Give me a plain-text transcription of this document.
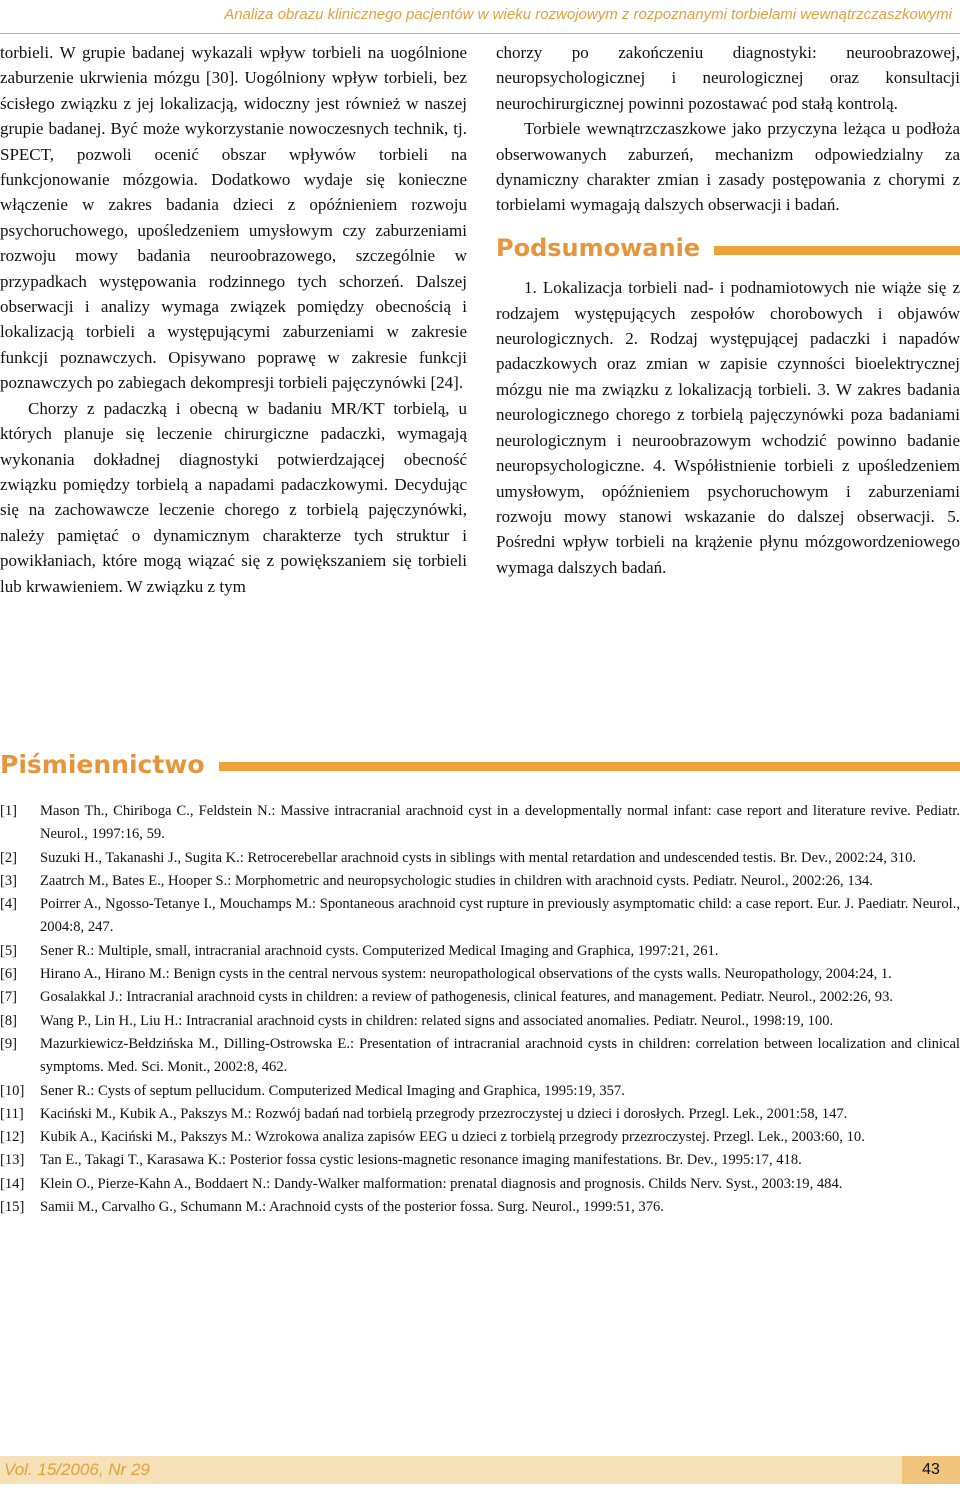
Analiza obrazu klinicznego pacjentów w wieku rozwojowym z rozpoznanymi torbielami wewnątrzczaszkowymi

torbieli. W grupie badanej wykazali wpływ torbieli na uogólnione zaburzenie ukrwienia mózgu [30]. Uogólniony wpływ torbieli, bez ścisłego związku z jej lokalizacją, widoczny jest również w naszej grupie badanej. Być może wykorzystanie nowoczesnych technik, tj. SPECT, pozwoli ocenić obszar wpływów torbieli na funkcjonowanie mózgowia. Dodatkowo wydaje się konieczne włączenie w zakres badania dzieci z opóźnieniem rozwoju psychoruchowego, upośledzeniem umysłowym czy zaburzeniami rozwoju mowy badania neuroobrazowego, szczególnie w przypadkach występowania rodzinnego tych schorzeń. Dalszej obserwacji i analizy wymaga związek pomiędzy obecnością i lokalizacją torbieli a występującymi zaburzeniami w zakresie funkcji poznawczych. Opisywano poprawę w zakresie funkcji poznawczych po zabiegach dekompresji torbieli pajęczynówki [24].

Chorzy z padaczką i obecną w badaniu MR/KT torbielą, u których planuje się leczenie chirurgiczne padaczki, wymagają wykonania dokładnej diagnostyki potwierdzającej obecność związku pomiędzy torbielą a napadami padaczkowymi. Decydując się na zachowawcze leczenie chorego z torbielą pajęczynówki, należy pamiętać o dynamicznym charakterze tych struktur i powikłaniach, które mogą wiązać się z powiększaniem się torbieli lub krwawieniem. W związku z tym

chorzy po zakończeniu diagnostyki: neuroobrazowej, neuropsychologicznej i neurologicznej oraz konsultacji neurochirurgicznej powinni pozostawać pod stałą kontrolą.

Torbiele wewnątrzczaszkowe jako przyczyna leżąca u podłoża obserwowanych zaburzeń, mechanizm odpowiedzialny za dynamiczny charakter zmian i zasady postępowania z chorymi z torbielami wymagają dalszych obserwacji i badań.

Podsumowanie

1. Lokalizacja torbieli nad- i podnamiotowych nie wiąże się z rodzajem występujących zespołów chorobowych i objawów neurologicznych. 2. Rodzaj występującej padaczki i napadów padaczkowych oraz zmian w zapisie czynności bioelektrycznej mózgu nie ma związku z lokalizacją torbieli. 3. W zakres badania neurologicznego chorego z torbielą pajęczynówki poza badaniami neurologicznym i neuroobrazowym wchodzić powinno badanie neuropsychologiczne. 4. Współistnienie torbieli z upośledzeniem umysłowym, opóźnieniem psychoruchowym i zaburzeniami rozwoju mowy stanowi wskazanie do dalszej obserwacji. 5. Pośredni wpływ torbieli na krążenie płynu mózgowordzeniowego wymaga dalszych badań.

Piśmiennictwo
[1]	Mason Th., Chiriboga C., Feldstein N.: Massive intracranial arachnoid cyst in a developmentally normal infant: case report and literature revive. Pediatr. Neurol., 1997:16, 59.
[2]	Suzuki H., Takanashi J., Sugita K.: Retrocerebellar arachnoid cysts in siblings with mental retardation and undescended testis. Br. Dev., 2002:24, 310.
[3]	Zaatrch M., Bates E., Hooper S.: Morphometric and neuropsychologic studies in children with arachnoid cysts. Pediatr. Neurol., 2002:26, 134.
[4]	Poirrer A., Ngosso-Tetanye I., Mouchamps M.: Spontaneous arachnoid cyst rupture in previously asymptomatic child: a case report. Eur. J. Paediatr. Neurol., 2004:8, 247.
[5]	Sener R.: Multiple, small, intracranial arachnoid cysts. Computerized Medical Imaging and Graphica, 1997:21, 261.
[6]	Hirano A., Hirano M.: Benign cysts in the central nervous system: neuropathological observations of the cysts walls. Neuropathology, 2004:24, 1.
[7]	Gosalakkal J.: Intracranial arachnoid cysts in children: a review of pathogenesis, clinical features, and management. Pediatr. Neurol., 2002:26, 93.
[8]	Wang P., Lin H., Liu H.: Intracranial arachnoid cysts in children: related signs and associated anomalies. Pediatr. Neurol., 1998:19, 100.
[9]	Mazurkiewicz-Bełdzińska M., Dilling-Ostrowska E.: Presentation of intracranial arachnoid cysts in children: correlation between localization and clinical symptoms. Med. Sci. Monit., 2002:8, 462.
[10]	Sener R.: Cysts of septum pellucidum. Computerized Medical Imaging and Graphica, 1995:19, 357.
[11]	Kaciński M., Kubik A., Pakszys M.: Rozwój badań nad torbielą przegrody przezroczystej u dzieci i dorosłych. Przegl. Lek., 2001:58, 147.
[12]	Kubik A., Kaciński M., Pakszys M.: Wzrokowa analiza zapisów EEG u dzieci z torbielą przegrody przezroczystej. Przegl. Lek., 2003:60, 10.
[13]	Tan E., Takagi T., Karasawa K.: Posterior fossa cystic lesions-magnetic resonance imaging manifestations. Br. Dev., 1995:17, 418.
[14]	Klein O., Pierze-Kahn A., Boddaert N.: Dandy-Walker malformation: prenatal diagnosis and prognosis. Childs Nerv. Syst., 2003:19, 484.
[15]	Samii M., Carvalho G., Schumann M.: Arachnoid cysts of the posterior fossa. Surg. Neurol., 1999:51, 376.
Vol. 15/2006, Nr 29	43
